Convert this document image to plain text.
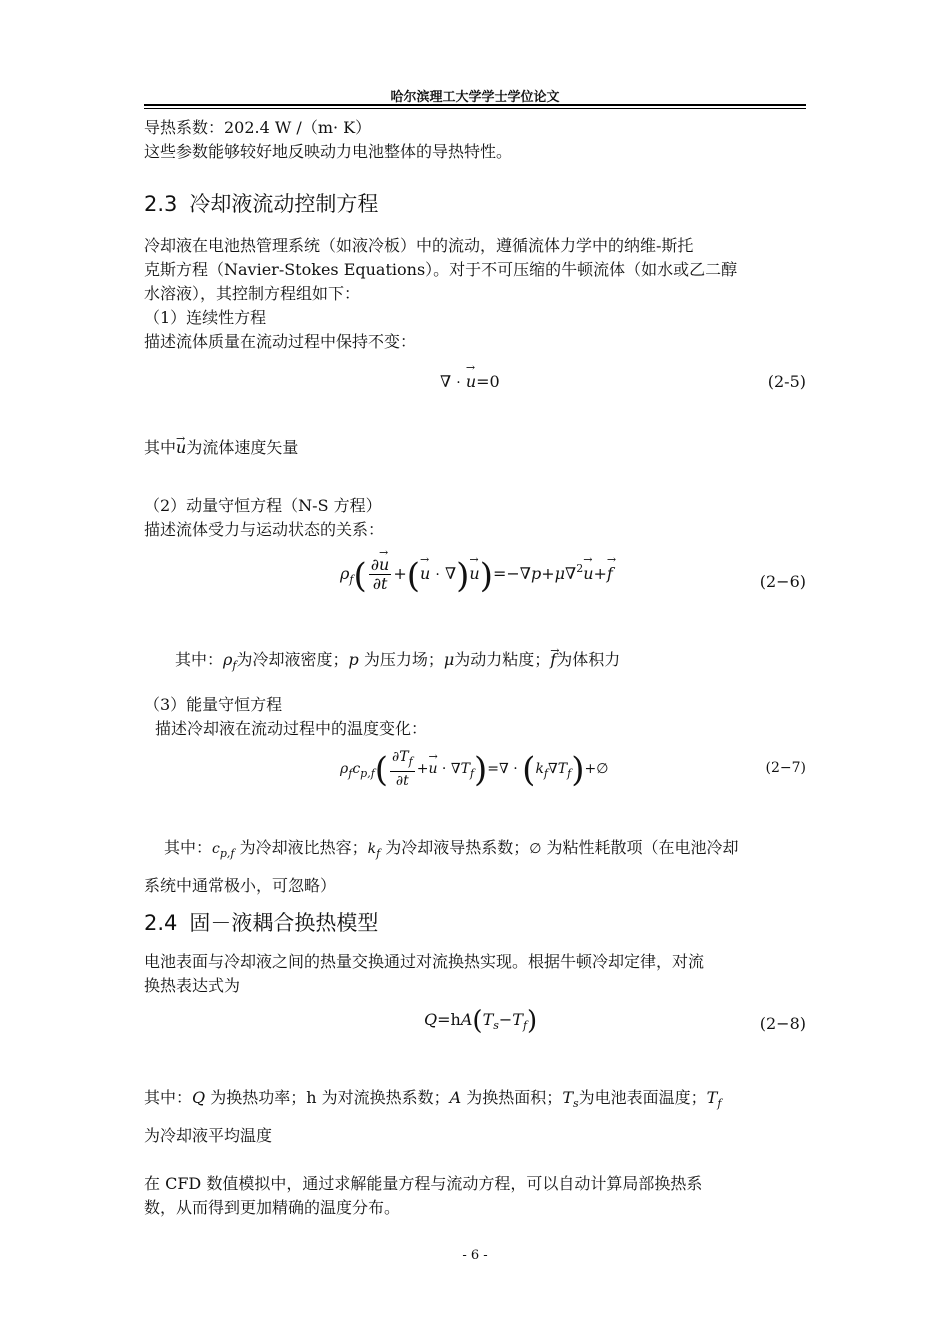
哈尔滨理工大学学士学位论文
导热系数：202.4 W /（m· K）
这些参数能够较好地反映动力电池整体的导热特性。
2.3 冷却液流动控制方程
冷却液在电池热管理系统（如液冷板）中的流动，遵循流体力学中的纳维-斯托
克斯方程（Navier-Stokes Equations）。对于不可压缩的牛顿流体（如水或乙二醇
水溶液），其控制方程组如下：
（1）连续性方程
描述流体质量在流动过程中保持不变：
∇ · u →=0	(2-5)
其中u →为流体速度矢量
（2）动量守恒方程（N-S 方程）
描述流体受力与运动状态的关系：
$\rho_f( \frac{\partial u \to}{\partial t} +(u$ → · ∇)u →)=−∇p+μ∇$^2$u →+f →	(2−6)
其中：$\rho_f$为冷却液密度；p 为压力场；μ为动力粘度；f →为体积力
（3）能量守恒方程
描述冷却液在流动过程中的温度变化：
$\rho_fc_{p,f}( \frac{\partial T_f}{\partial t} +u$ → · $\nabla T_f)=\nabla$ · $(k_f\nabla T_f)+\emptyset$	(2−7)
其中：$c_{p,f}$ 为冷却液比热容；$k_f$ 为冷却液导热系数；∅ 为粘性耗散项（在电池冷却
系统中通常极小，可忽略）
2.4 固－液耦合换热模型
电池表面与冷却液之间的热量交换通过对流换热实现。根据牛顿冷却定律，对流
换热表达式为
$Q=hA(T_s-T_f)$	(2−8)
其中：Q 为换热功率；h 为对流换热系数；A 为换热面积；$T_s$为电池表面温度；$T_f$
为冷却液平均温度
在 CFD 数值模拟中，通过求解能量方程与流动方程，可以自动计算局部换热系
数，从而得到更加精确的温度分布。
- 6 -
